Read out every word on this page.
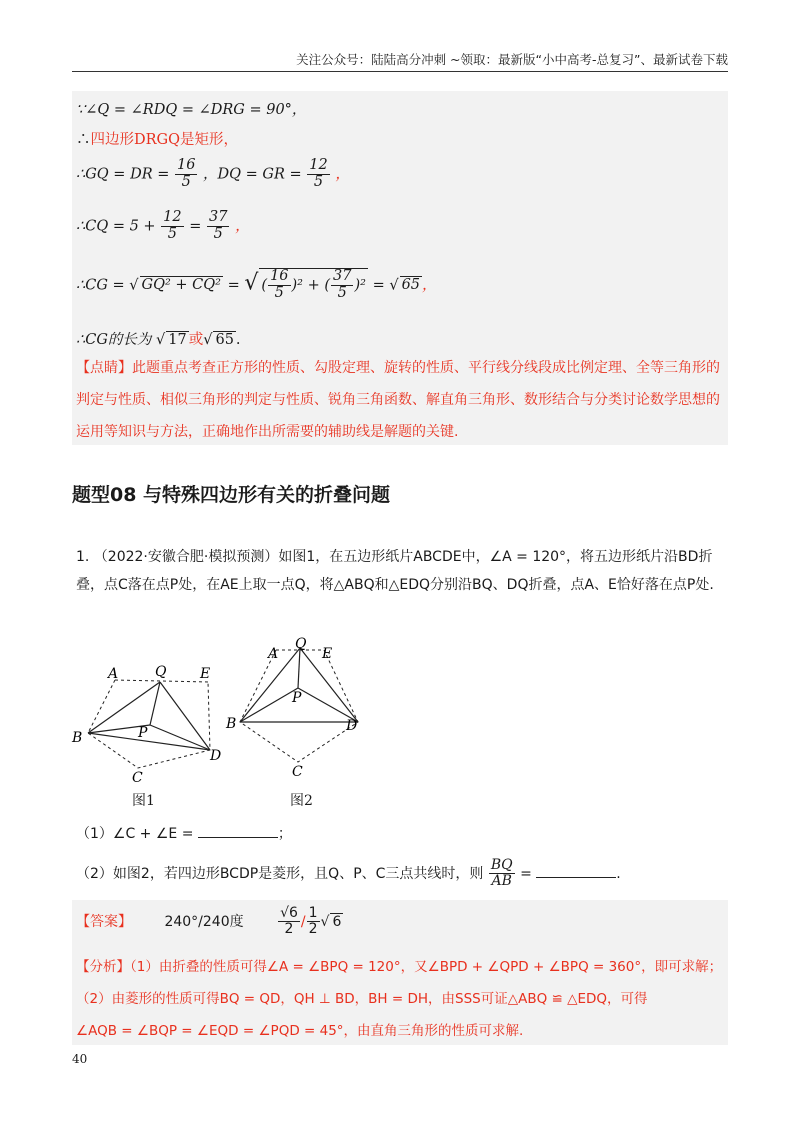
关注公众号：陆陆高分冲刺 ~领取：最新版“小中高考-总复习”、最新试卷下载
∵∠Q = ∠RDQ = ∠DRG = 90°，
∴四边形DRGQ是矩形，
∴GQ = DR = $\frac{16}{5}$ ，DQ = GR = $\frac{12}{5}$ ，
∴CQ = $5 + \frac{12}{5} = \frac{37}{5}$ ，
∴CG = √ GQ² + CQ² = √ ( $\frac{16}{5} )^2$ + ( $\frac{37}{5} )^2$ = √ 65 ，
∴CG的长为 √ 17 或√ 65 .
【点睛】此题重点考查正方形的性质、勾股定理、旋转的性质、平行线分线段成比例定理、全等三角形的判定与性质、相似三角形的判定与性质、锐角三角函数、解直角三角形、数形结合与分类讨论数学思想的运用等知识与方法，正确地作出所需要的辅助线是解题的关键.
题型08 与特殊四边形有关的折叠问题
1. （2022·安徽合肥·模拟预测）如图1，在五边形纸片ABCDE中，∠A = 120°，将五边形纸片沿BD折叠，点C落在点P处，在AE上取一点Q，将△ABQ和△EDQ分别沿BQ、DQ折叠，点A、E恰好落在点P处.
A	Q E
B	P
D
C
图1
A
Q
E
B
P
D
C
图2
（1）∠C + ∠E =	；
（2）如图2，若四边形BCDP是菱形，且Q、P、C三点共线时，则 $\frac{BQ}{AB}$ =	.
【答案】 240°/240度 $\frac{√6}{2} / \frac{1}{2}$ √ 6
【分析】（1）由折叠的性质可得∠A = ∠BPQ = 120°，又∠BPD + ∠QPD + ∠BPQ = 360°，即可求解；
（2）由菱形的性质可得BQ = QD，QH ⊥ BD，BH = DH，由SSS可证△ABQ ≌ △EDQ，可得
∠AQB = ∠BQP = ∠EQD = ∠PQD = 45°，由直角三角形的性质可求解.
40
